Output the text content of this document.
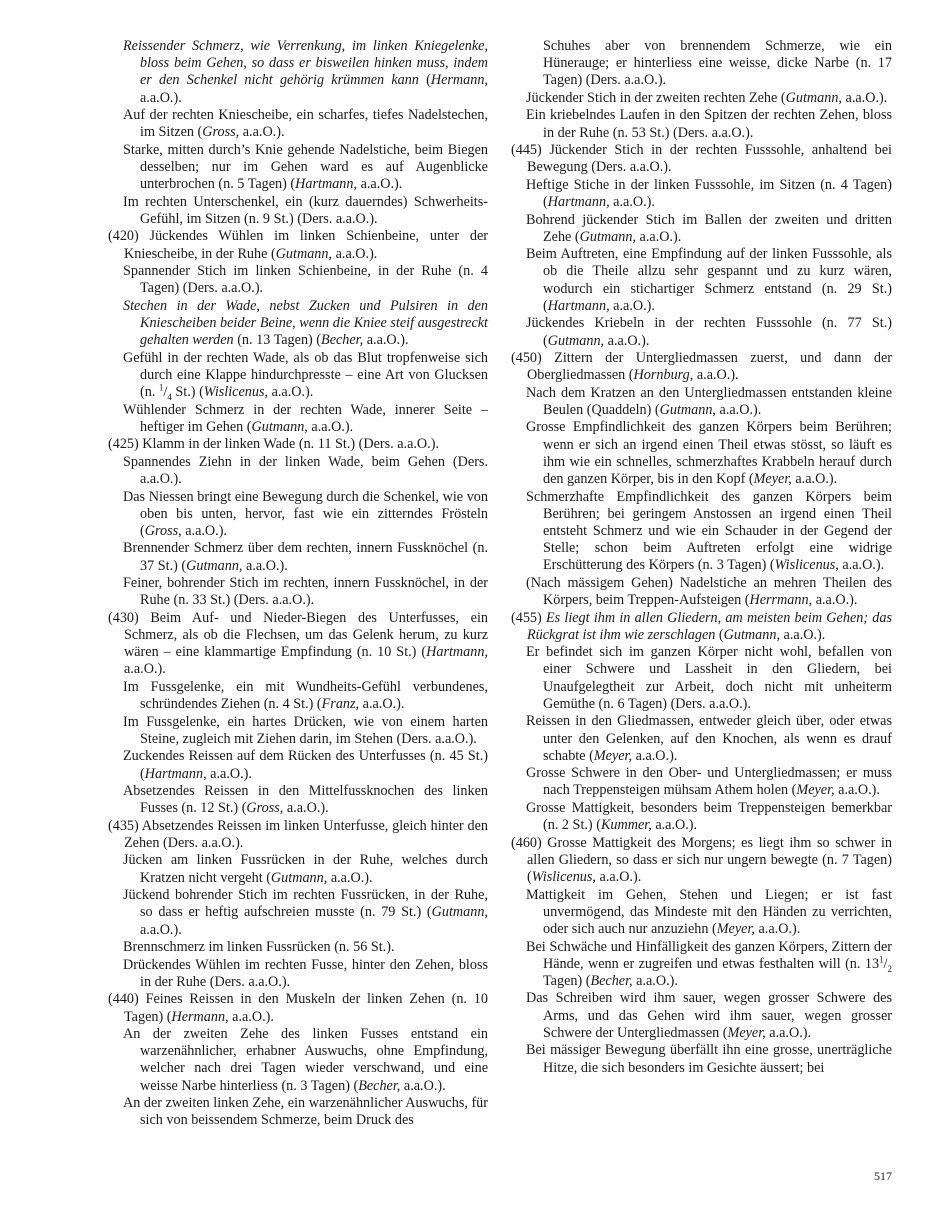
Reissender Schmerz, wie Verrenkung, im linken Kniegelenke, bloss beim Gehen, so dass er bisweilen hinken muss, indem er den Schenkel nicht gehörig krümmen kann (Hermann, a.a.O.).

Auf der rechten Kniescheibe, ein scharfes, tiefes Nadelstechen, im Sitzen (Gross, a.a.O.).

Starke, mitten durch’s Knie gehende Nadelstiche, beim Biegen desselben; nur im Gehen ward es auf Augenblicke unterbrochen (n. 5 Tagen) (Hartmann, a.a.O.).

Im rechten Unterschenkel, ein (kurz dauerndes) Schwerheits-Gefühl, im Sitzen (n. 9 St.) (Ders. a.a.O.).

(420) Jückendes Wühlen im linken Schienbeine, unter der Kniescheibe, in der Ruhe (Gutmann, a.a.O.).

Spannender Stich im linken Schienbeine, in der Ruhe (n. 4 Tagen) (Ders. a.a.O.).

Stechen in der Wade, nebst Zucken und Pulsiren in den Kniescheiben beider Beine, wenn die Kniee steif ausgestreckt gehalten werden (n. 13 Tagen) (Becher, a.a.O.).

Gefühl in der rechten Wade, als ob das Blut tropfenweise sich durch eine Klappe hindurchpresste – eine Art von Glucksen (n. $^1/_4$ St.) (Wislicenus, a.a.O.).

Wühlender Schmerz in der rechten Wade, innerer Seite – heftiger im Gehen (Gutmann, a.a.O.).

(425) Klamm in der linken Wade (n. 11 St.) (Ders. a.a.O.).

Spannendes Ziehn in der linken Wade, beim Gehen (Ders. a.a.O.).

Das Niessen bringt eine Bewegung durch die Schenkel, wie von oben bis unten, hervor, fast wie ein zitterndes Frösteln (Gross, a.a.O.).

Brennender Schmerz über dem rechten, innern Fussknöchel (n. 37 St.) (Gutmann, a.a.O.).

Feiner, bohrender Stich im rechten, innern Fussknöchel, in der Ruhe (n. 33 St.) (Ders. a.a.O.).

(430) Beim Auf- und Nieder-Biegen des Unterfusses, ein Schmerz, als ob die Flechsen, um das Gelenk herum, zu kurz wären – eine klammartige Empfindung (n. 10 St.) (Hartmann, a.a.O.).

Im Fussgelenke, ein mit Wundheits-Gefühl verbundenes, schründendes Ziehen (n. 4 St.) (Franz, a.a.O.).

Im Fussgelenke, ein hartes Drücken, wie von einem harten Steine, zugleich mit Ziehen darin, im Stehen (Ders. a.a.O.).

Zuckendes Reissen auf dem Rücken des Unterfusses (n. 45 St.) (Hartmann, a.a.O.).

Absetzendes Reissen in den Mittelfussknochen des linken Fusses (n. 12 St.) (Gross, a.a.O.).

(435) Absetzendes Reissen im linken Unterfusse, gleich hinter den Zehen (Ders. a.a.O.).

Jücken am linken Fussrücken in der Ruhe, welches durch Kratzen nicht vergeht (Gutmann, a.a.O.).

Jückend bohrender Stich im rechten Fussrücken, in der Ruhe, so dass er heftig aufschreien musste (n. 79 St.) (Gutmann, a.a.O.).

Brennschmerz im linken Fussrücken (n. 56 St.).

Drückendes Wühlen im rechten Fusse, hinter den Zehen, bloss in der Ruhe (Ders. a.a.O.).

(440) Feines Reissen in den Muskeln der linken Zehen (n. 10 Tagen) (Hermann, a.a.O.).

An der zweiten Zehe des linken Fusses entstand ein warzenähnlicher, erhabner Auswuchs, ohne Empfindung, welcher nach drei Tagen wieder verschwand, und eine weisse Narbe hinterliess (n. 3 Tagen) (Becher, a.a.O.).

An der zweiten linken Zehe, ein warzenähnlicher Auswuchs, für sich von beissendem Schmerze, beim Druck des

Schuhes aber von brennendem Schmerze, wie ein Hüneraugе; er hinterliess eine weisse, dicke Narbe (n. 17 Tagen) (Ders. a.a.O.).

Jückender Stich in der zweiten rechten Zehe (Gutmann, a.a.O.).

Ein kriebelndes Laufen in den Spitzen der rechten Zehen, bloss in der Ruhe (n. 53 St.) (Ders. a.a.O.).

(445) Jückender Stich in der rechten Fusssohle, anhaltend bei Bewegung (Ders. a.a.O.).

Heftige Stiche in der linken Fusssohle, im Sitzen (n. 4 Tagen) (Hartmann, a.a.O.).

Bohrend jückender Stich im Ballen der zweiten und dritten Zehe (Gutmann, a.a.O.).

Beim Auftreten, eine Empfindung auf der linken Fusssohle, als ob die Theile allzu sehr gespannt und zu kurz wären, wodurch ein stichartiger Schmerz entstand (n. 29 St.) (Hartmann, a.a.O.).

Jückendes Kriebeln in der rechten Fusssohle (n. 77 St.) (Gutmann, a.a.O.).

(450) Zittern der Untergliedmassen zuerst, und dann der Obergliedmassen (Hornburg, a.a.O.).

Nach dem Kratzen an den Untergliedmassen entstanden kleine Beulen (Quaddeln) (Gutmann, a.a.O.).

Grosse Empfindlichkeit des ganzen Körpers beim Berühren; wenn er sich an irgend einen Theil etwas stösst, so läuft es ihm wie ein schnelles, schmerzhaftes Krabbeln herauf durch den ganzen Körper, bis in den Kopf (Meyer, a.a.O.).

Schmerzhafte Empfindlichkeit des ganzen Körpers beim Berühren; bei geringem Anstossen an irgend einen Theil entsteht Schmerz und wie ein Schauder in der Gegend der Stelle; schon beim Auftreten erfolgt eine widrige Erschütterung des Körpers (n. 3 Tagen) (Wislicenus, a.a.O.).

(Nach mässigem Gehen) Nadelstiche an mehren Theilen des Körpers, beim Treppen-Aufsteigen (Herrmann, a.a.O.).

(455) Es liegt ihm in allen Gliedern, am meisten beim Gehen; das Rückgrat ist ihm wie zerschlagen (Gutmann, a.a.O.).

Er befindet sich im ganzen Körper nicht wohl, befallen von einer Schwere und Lassheit in den Gliedern, bei Unaufgelegtheit zur Arbeit, doch nicht mit unheiterm Gemüthe (n. 6 Tagen) (Ders. a.a.O.).

Reissen in den Gliedmassen, entweder gleich über, oder etwas unter den Gelenken, auf den Knochen, als wenn es drauf schabte (Meyer, a.a.O.).

Grosse Schwere in den Ober- und Untergliedmassen; er muss nach Treppensteigen mühsam Athem holen (Meyer, a.a.O.).

Grosse Mattigkeit, besonders beim Treppensteigen bemerkbar (n. 2 St.) (Kummer, a.a.O.).

(460) Grosse Mattigkeit des Morgens; es liegt ihm so schwer in allen Gliedern, so dass er sich nur ungern bewegte (n. 7 Tagen) (Wislicenus, a.a.O.).

Mattigkeit im Gehen, Stehen und Liegen; er ist fast unvermögend, das Mindeste mit den Händen zu verrichten, oder sich auch nur anzuziehn (Meyer, a.a.O.).

Bei Schwäche und Hinfälligkeit des ganzen Körpers, Zittern der Hände, wenn er zugreifen und etwas festhalten will (n. $13^1/_2$ Tagen) (Becher, a.a.O.).

Das Schreiben wird ihm sauer, wegen grosser Schwere des Arms, und das Gehen wird ihm sauer, wegen grosser Schwere der Untergliedmassen (Meyer, a.a.O.).

Bei mässiger Bewegung überfällt ihn eine grosse, unerträgliche Hitze, die sich besonders im Gesichte äussert; bei

517
